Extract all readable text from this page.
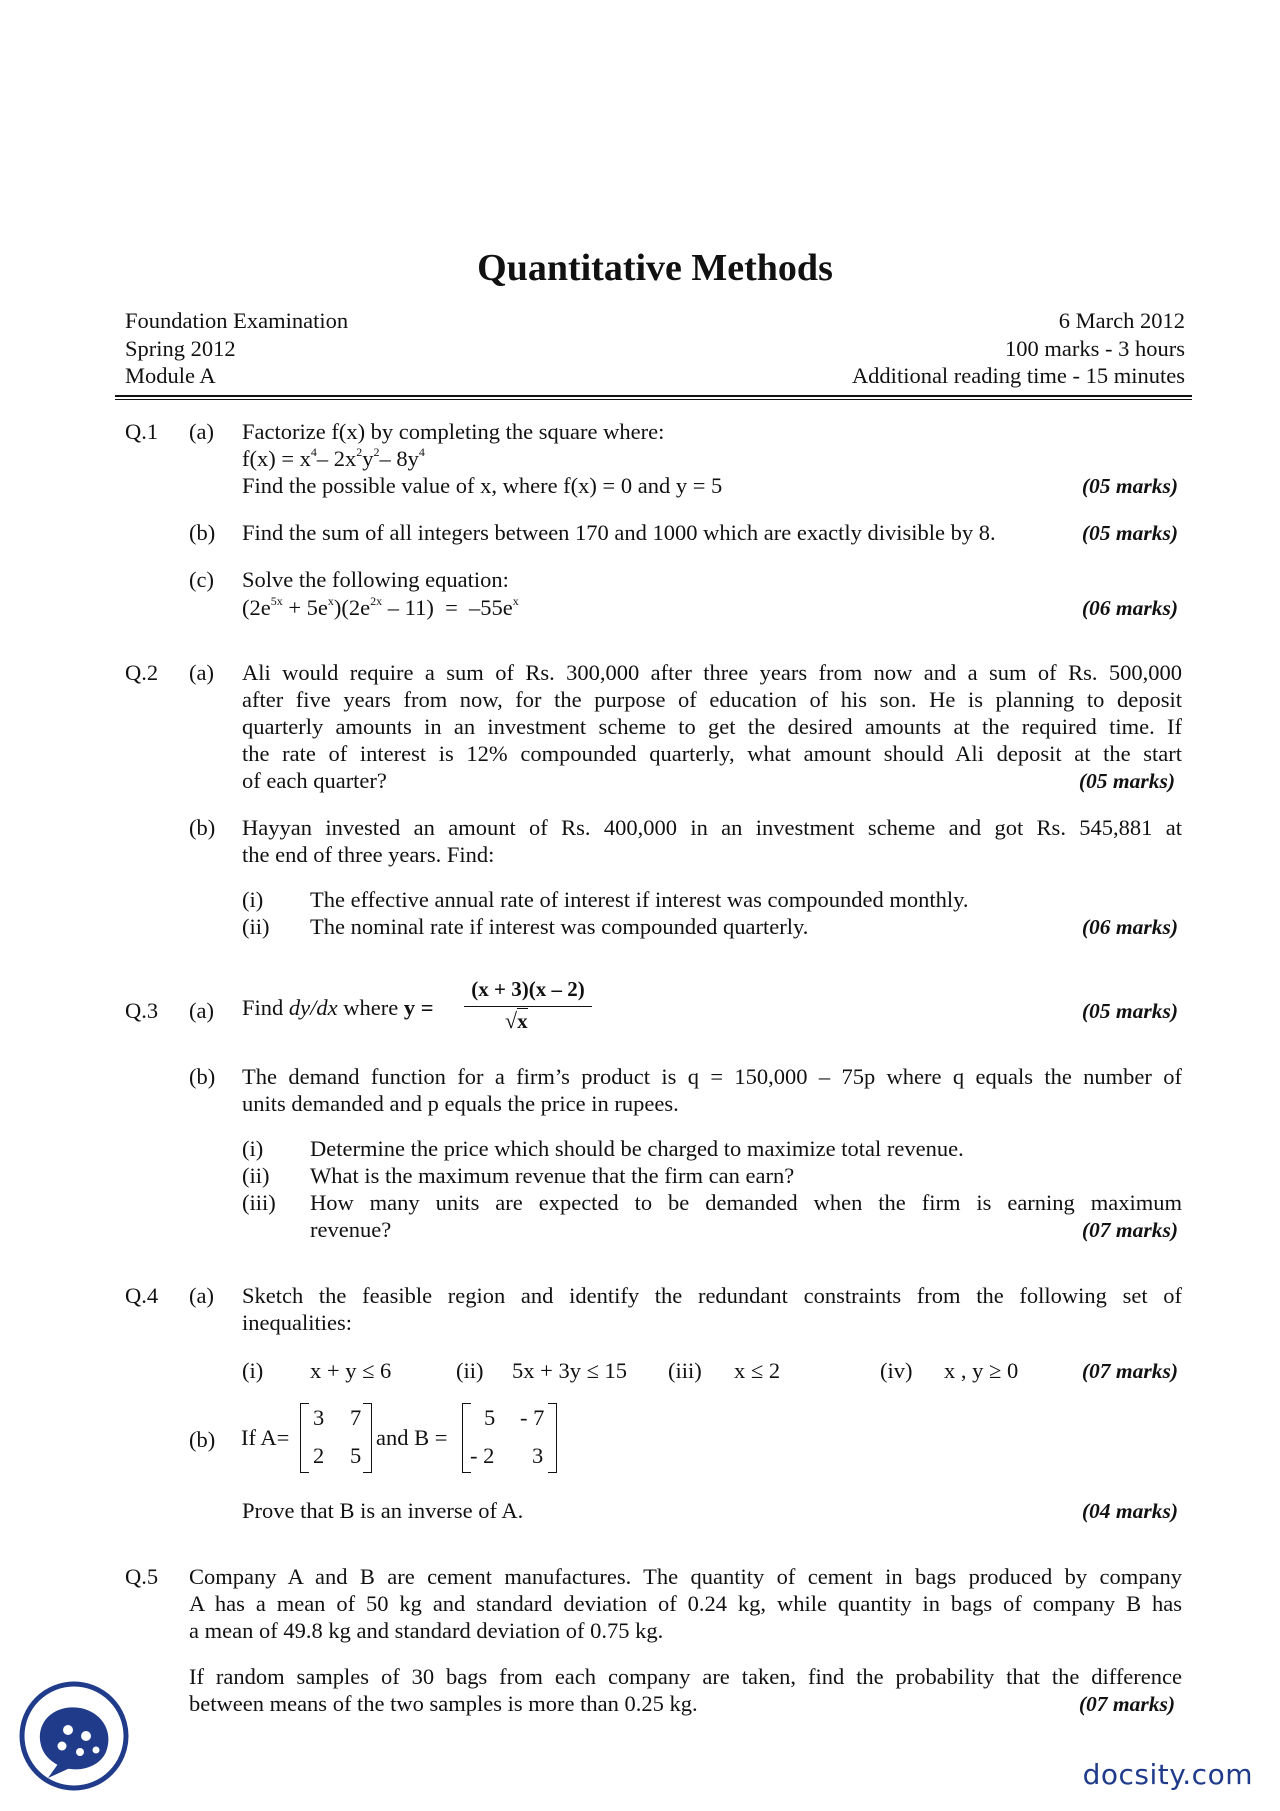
Quantitative Methods
Foundation Examination
Spring 2012
Module A
6 March 2012
100 marks - 3 hours
Additional reading time - 15 minutes
Q.1 (a) Factorize f(x) by completing the square where:
$f(x) = x^4-$ $2x^2y^2-$ $8y^4$
Find the possible value of x, where f(x) = 0 and y = 5	(05 marks)
(b) Find the sum of all integers between 170 and 1000 which are exactly divisible by 8.	(05 marks)
(c) Solve the following equation:
$(2e^{5x} + 5e^x)(2e^{2x} - 11) = -55e^x$	(06 marks)
Q.2 (a) Ali would require a sum of Rs. 300,000 after three years from now and a sum of Rs. 500,000
after five years from now, for the purpose of education of his son. He is planning to deposit
quarterly amounts in an investment scheme to get the desired amounts at the required time. If
the rate of interest is 12% compounded quarterly, what amount should Ali deposit at the start
of each quarter?	(05 marks)
(b) Hayyan invested an amount of Rs. 400,000 in an investment scheme and got Rs. 545,881 at
the end of three years. Find:
(i) The effective annual rate of interest if interest was compounded monthly.
(ii) The nominal rate if interest was compounded quarterly.	(06 marks)
Q.3 (a) Find dy/dx where y =
(x + 3)(x – 2)
√x	(05 marks)
(b) The demand function for a firm’s product is q = 150,000 – 75p where q equals the number of
units demanded and p equals the price in rupees.
(i) Determine the price which should be charged to maximize total revenue.
(ii) What is the maximum revenue that the firm can earn?
(iii) How many units are expected to be demanded when the firm is earning maximum
revenue?	(07 marks)
Q.4 (a) Sketch the feasible region and identify the redundant constraints from the following set of
inequalities:
(i) x + y ≤ 6	(ii) 5x + 3y ≤ 15 (iii) x ≤ 2	(iv) x , y ≥ 0	(07 marks)
(b) If A=
3 7
2 5
and B =
5 - 7
- 2 3
Prove that B is an inverse of A.	(04 marks)
Q.5 Company A and B are cement manufactures. The quantity of cement in bags produced by company
A has a mean of 50 kg and standard deviation of 0.24 kg, while quantity in bags of company B has
a mean of 49.8 kg and standard deviation of 0.75 kg.
If random samples of 30 bags from each company are taken, find the probability that the difference
between means of the two samples is more than 0.25 kg.	(07 marks)
docsity.com
